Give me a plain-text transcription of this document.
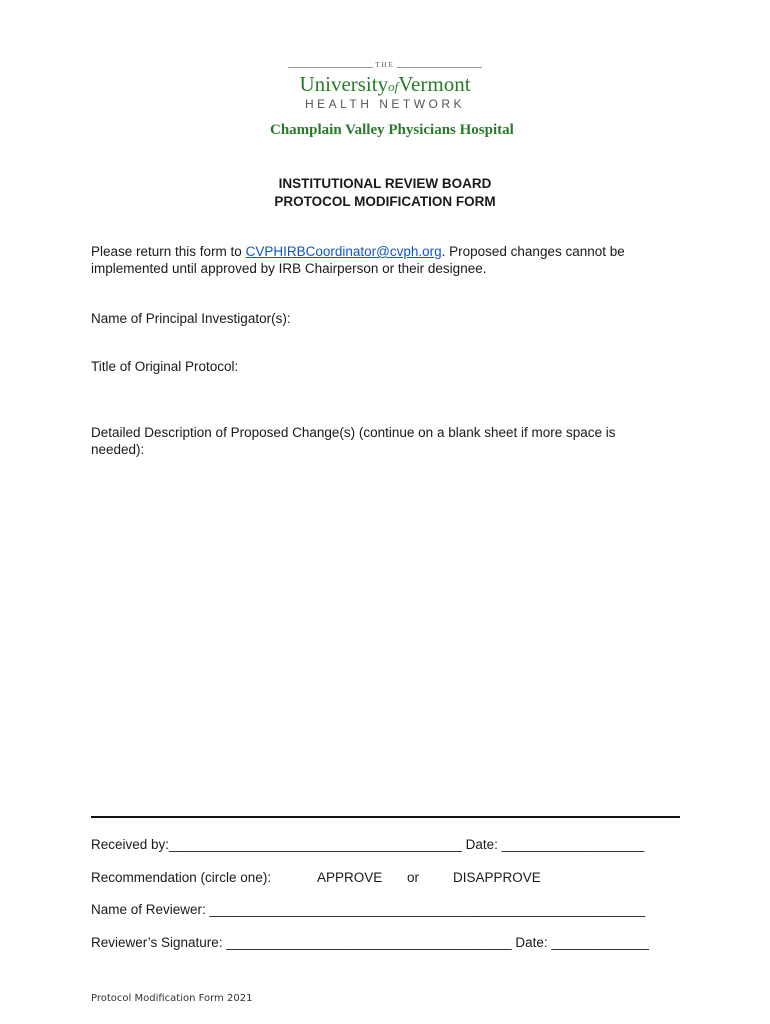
THE
UniversityofVermont
HEALTH NETWORK
Champlain Valley Physicians Hospital
INSTITUTIONAL REVIEW BOARD
PROTOCOL MODIFICATION FORM
Please return this form to CVPHIRBCoordinator@cvph.org. Proposed changes cannot be implemented until approved by IRB Chairperson or their designee.
Name of Principal Investigator(s):
Title of Original Protocol:
Detailed Description of Proposed Change(s) (continue on a blank sheet if more space is needed):
Received by:_______________________________________ Date: ___________________
Recommendation (circle one):	APPROVE or	DISAPPROVE
Name of Reviewer: __________________________________________________________
Reviewer’s Signature: ______________________________________ Date: _____________
Protocol Modification Form 2021
